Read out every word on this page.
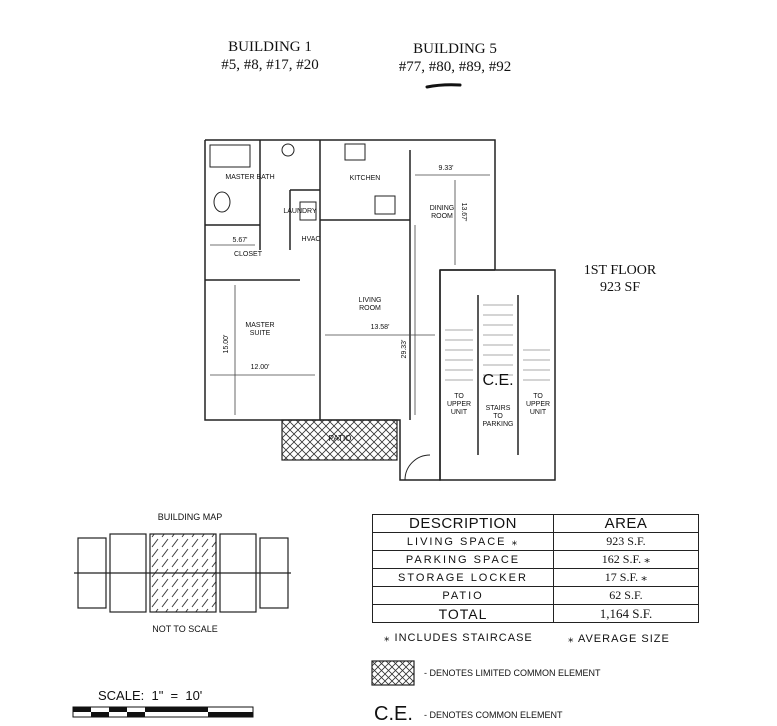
BUILDING 1
#5, #8, #17, #20
BUILDING 5
#77, #80, #89, #92
MASTER BATH	KITCHEN
LAUNDRY
HVAC
DINING ROOM
5.67'
CLOSET
9.33'
13.67'
LIVING ROOM
13.58'
29.33'
MASTER SUITE
12.00'
15.00'
PATIO
C.E.
TO UPPER UNIT
STAIRS TO PARKING
TO UPPER UNIT
1ST FLOOR
923 SF
BUILDING MAP
NOT TO SCALE
DESCRIPTION	AREA
LIVING SPACE ⁎	923 S.F.
PARKING SPACE	162 S.F. ⁎
STORAGE LOCKER	17 S.F. ⁎
PATIO	62 S.F.
TOTAL	1,164 S.F.
⁎ INCLUDES STAIRCASE	⁎ AVERAGE SIZE
- DENOTES LIMITED COMMON ELEMENT
C.E. - DENOTES COMMON ELEMENT
SCALE:  1"  =  10'
